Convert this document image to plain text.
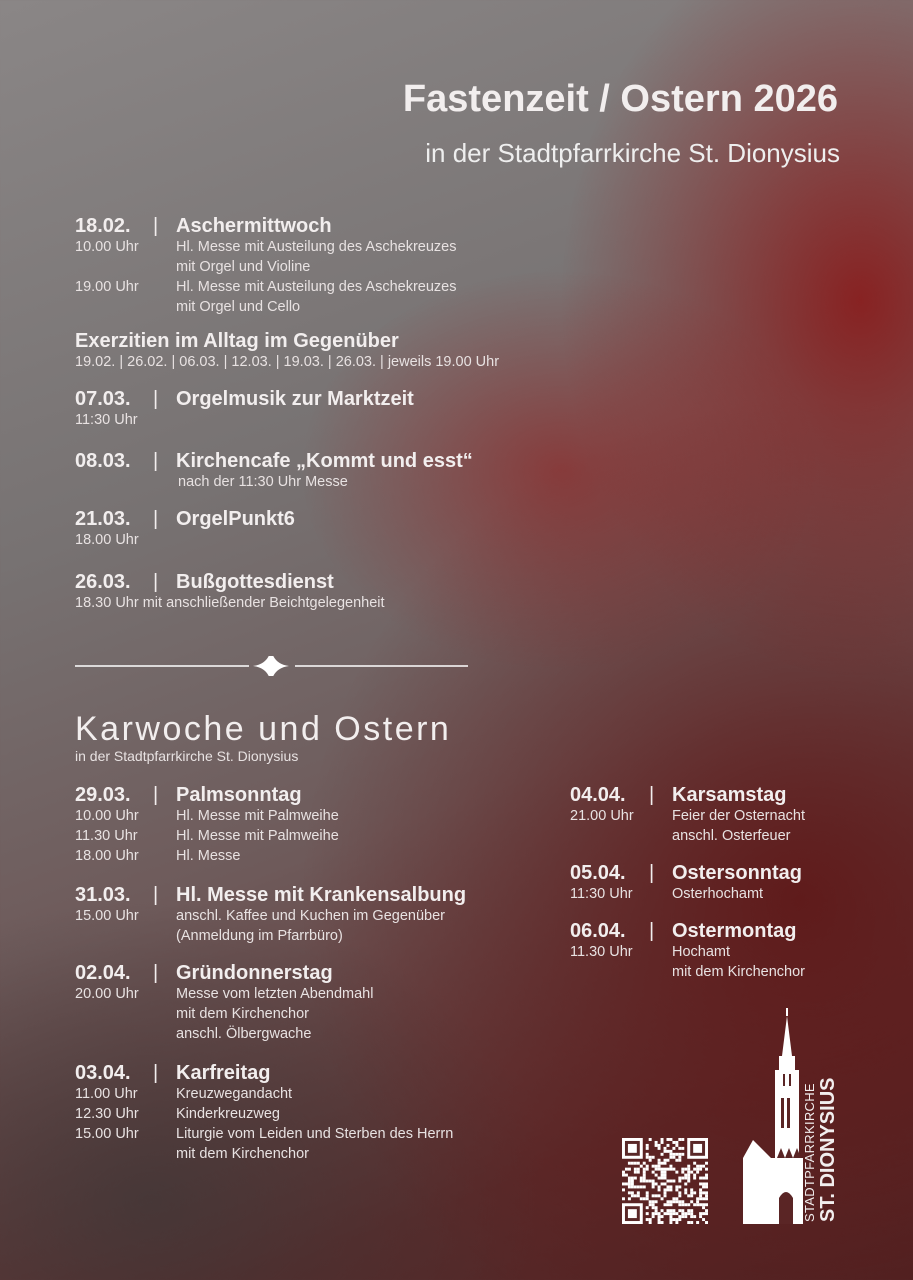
Fastenzeit / Ostern 2026
in der Stadtpfarrkirche St. Dionysius
18.02. | Aschermittwoch
10.00 Uhr	Hl. Messe mit Austeilung des Aschekreuzes
mit Orgel und Violine
19.00 Uhr	Hl. Messe mit Austeilung des Aschekreuzes
mit Orgel und Cello
Exerzitien im Alltag im Gegenüber
19.02. | 26.02. | 06.03. | 12.03. | 19.03. | 26.03. | jeweils 19.00 Uhr
07.03. | Orgelmusik zur Marktzeit
11:30 Uhr
08.03. | Kirchencafe „Kommt und esst“
nach der 11:30 Uhr Messe
21.03. | OrgelPunkt6
18.00 Uhr
26.03. | Bußgottesdienst
18.30 Uhr mit anschließender Beichtgelegenheit
Karwoche und Ostern
in der Stadtpfarrkirche St. Dionysius
29.03. | Palmsonntag
10.00 Uhr	Hl. Messe mit Palmweihe
11.30 Uhr	Hl. Messe mit Palmweihe
18.00 Uhr	Hl. Messe
31.03. | Hl. Messe mit Krankensalbung
15.00 Uhr	anschl. Kaffee und Kuchen im Gegenüber
(Anmeldung im Pfarrbüro)
02.04. | Gründonnerstag
20.00 Uhr	Messe vom letzten Abendmahl
mit dem Kirchenchor
anschl. Ölbergwache
03.04. | Karfreitag
11.00 Uhr	Kreuzwegandacht
12.30 Uhr	Kinderkreuzweg
15.00 Uhr	Liturgie vom Leiden und Sterben des Herrn
mit dem Kirchenchor
04.04. | Karsamstag
21.00 Uhr	Feier der Osternacht
anschl. Osterfeuer
05.04. | Ostersonntag
11:30 Uhr	Osterhochamt
06.04. | Ostermontag
11.30 Uhr	Hochamt
mit dem Kirchenchor
STADTPFARRKIRCHE ST. DIONYSIUS
